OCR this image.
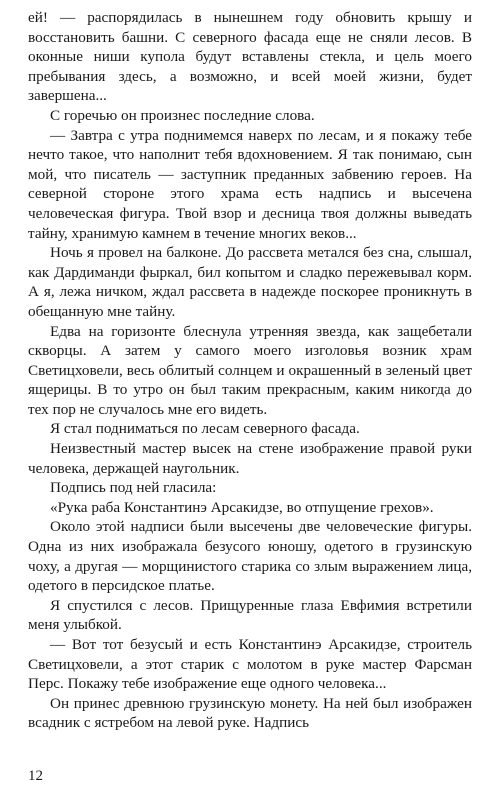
ей! — распорядилась в нынешнем году обновить крышу и восстановить башни. С северного фасада еще не сняли лесов. В оконные ниши купола будут вставлены стекла, и цель моего пребывания здесь, а возможно, и всей моей жизни, будет завершена...

С горечью он произнес последние слова.

— Завтра с утра поднимемся наверх по лесам, и я покажу тебе нечто такое, что наполнит тебя вдохновением. Я так понимаю, сын мой, что писатель — заступник преданных забвению героев. На северной стороне этого храма есть надпись и высечена человеческая фигура. Твой взор и десница твоя должны выведать тайну, хранимую камнем в течение многих веков...

Ночь я провел на балконе. До рассвета метался без сна, слышал, как Дардиманди фыркал, бил копытом и сладко пережевывал корм. А я, лежа ничком, ждал рассвета в надежде поскорее проникнуть в обещанную мне тайну.

Едва на горизонте блеснула утренняя звезда, как защебетали скворцы. А затем у самого моего изголовья возник храм Светицховели, весь облитый солнцем и окрашенный в зеленый цвет ящерицы. В то утро он был таким прекрасным, каким никогда до тех пор не случалось мне его видеть.

Я стал подниматься по лесам северного фасада.

Неизвестный мастер высек на стене изображение правой руки человека, держащей наугольник.

Подпись под ней гласила:

«Рука раба Константинэ Арсакидзе, во отпущение грехов».

Около этой надписи были высечены две человеческие фигуры. Одна из них изображала безусого юношу, одетого в грузинскую чоху, а другая — морщинистого старика со злым выражением лица, одетого в персидское платье.

Я спустился с лесов. Прищуренные глаза Евфимия встретили меня улыбкой.

— Вот тот безусый и есть Константинэ Арсакидзе, строитель Светицховели, а этот старик с молотом в руке мастер Фарсман Перс. Покажу тебе изображение еще одного человека...

Он принес древнюю грузинскую монету. На ней был изображен всадник с ястребом на левой руке. Надпись

12
